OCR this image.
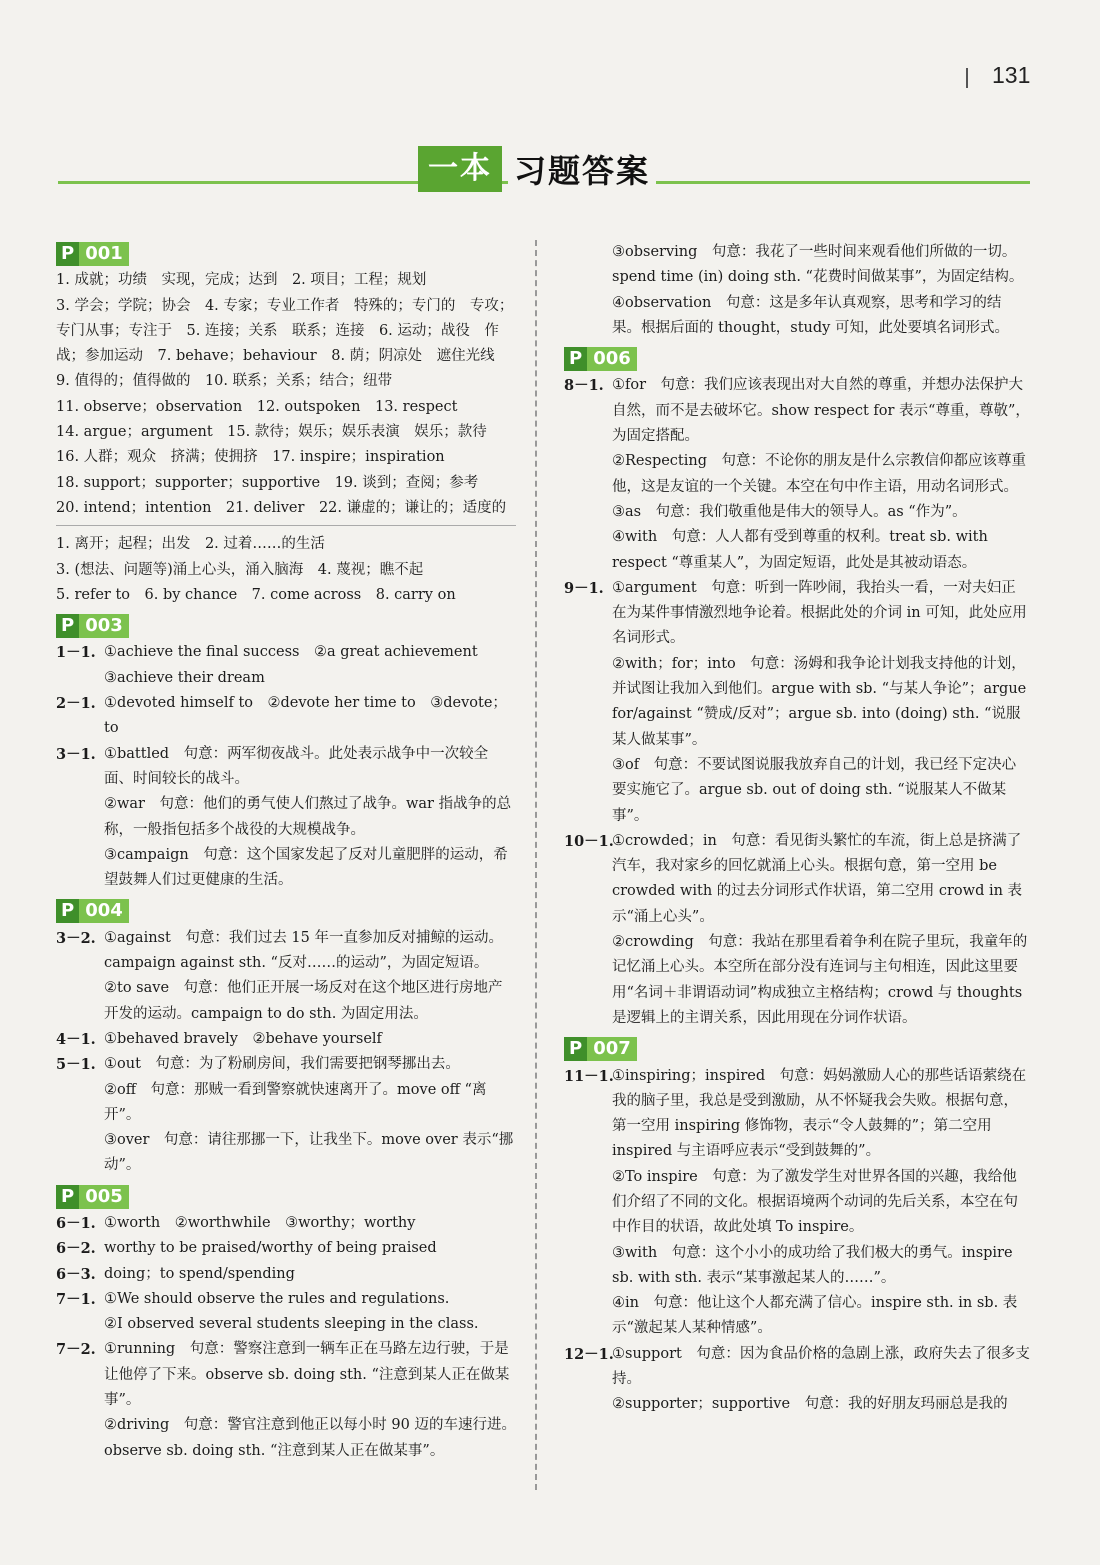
131
一本 习题答案
P 001
1. 成就；功绩　实现，完成；达到　2. 项目；工程；规划
3. 学会；学院；协会　4. 专家；专业工作者　特殊的；专门的　专攻；专门从事；专注于　5. 连接；关系　联系；连接　6. 运动；战役　作战；参加运动　7. behave；behaviour　8. 荫；阴凉处　遮住光线　9. 值得的；值得做的　10. 联系；关系；结合；纽带
11. observe；observation　12. outspoken　13. respect
14. argue；argument　15. 款待；娱乐；娱乐表演　娱乐；款待
16. 人群；观众　挤满；使拥挤　17. inspire；inspiration
18. support；supporter；supportive　19. 谈到；查阅；参考
20. intend；intention　21. deliver　22. 谦虚的；谦让的；适度的
1. 离开；起程；出发　2. 过着……的生活
3. (想法、问题等)涌上心头，涌入脑海　4. 蔑视；瞧不起
5. refer to　6. by chance　7. come across　8. carry on
P 003
1－1. ①achieve the final success　②a great achievement
③achieve their dream
2－1. ①devoted himself to　②devote her time to　③devote；to
3－1. ①battled　句意：两军彻夜战斗。此处表示战争中一次较全面、时间较长的战斗。
②war　句意：他们的勇气使人们熬过了战争。war 指战争的总称，一般指包括多个战役的大规模战争。
③campaign　句意：这个国家发起了反对儿童肥胖的运动，希望鼓舞人们过更健康的生活。
P 004
3－2. ①against　句意：我们过去 15 年一直参加反对捕鲸的运动。campaign against sth. “反对……的运动”，为固定短语。
②to save　句意：他们正开展一场反对在这个地区进行房地产开发的运动。campaign to do sth. 为固定用法。
4－1. ①behaved bravely　②behave yourself
5－1. ①out　句意：为了粉刷房间，我们需要把钢琴挪出去。
②off　句意：那贼一看到警察就快速离开了。move off “离开”。
③over　句意：请往那挪一下，让我坐下。move over 表示“挪动”。
P 005
6－1. ①worth　②worthwhile　③worthy；worthy
6－2. worthy to be praised/worthy of being praised
6－3. doing；to spend/spending
7－1. ①We should observe the rules and regulations.
②I observed several students sleeping in the class.
7－2. ①running　句意：警察注意到一辆车正在马路左边行驶，于是让他停了下来。observe sb. doing sth. “注意到某人正在做某事”。
②driving　句意：警官注意到他正以每小时 90 迈的车速行进。observe sb. doing sth. “注意到某人正在做某事”。
③observing　句意：我花了一些时间来观看他们所做的一切。spend time (in) doing sth. “花费时间做某事”，为固定结构。
④observation　句意：这是多年认真观察，思考和学习的结果。根据后面的 thought，study 可知，此处要填名词形式。
P 006
8－1. ①for　句意：我们应该表现出对大自然的尊重，并想办法保护大自然，而不是去破坏它。show respect for 表示“尊重，尊敬”，为固定搭配。
②Respecting　句意：不论你的朋友是什么宗教信仰都应该尊重他，这是友谊的一个关键。本空在句中作主语，用动名词形式。
③as　句意：我们敬重他是伟大的领导人。as “作为”。
④with　句意：人人都有受到尊重的权利。treat sb. with respect “尊重某人”，为固定短语，此处是其被动语态。
9－1. ①argument　句意：听到一阵吵闹，我抬头一看，一对夫妇正在为某件事情激烈地争论着。根据此处的介词 in 可知，此处应用名词形式。
②with；for；into　句意：汤姆和我争论计划我支持他的计划，并试图让我加入到他们。argue with sb. “与某人争论”；argue for/against “赞成/反对”；argue sb. into (doing) sth. “说服某人做某事”。
③of　句意：不要试图说服我放弃自己的计划，我已经下定决心要实施它了。argue sb. out of doing sth. “说服某人不做某事”。
10－1.
①crowded；in　句意：看见街头繁忙的车流，街上总是挤满了汽车，我对家乡的回忆就涌上心头。根据句意，第一空用 be crowded with 的过去分词形式作状语，第二空用 crowd in 表示“涌上心头”。
②crowding　句意：我站在那里看着争利在院子里玩，我童年的记忆涌上心头。本空所在部分没有连词与主句相连，因此这里要用“名词＋非谓语动词”构成独立主格结构；crowd 与 thoughts 是逻辑上的主谓关系，因此用现在分词作状语。
P 007
11－1.
①inspiring；inspired　句意：妈妈激励人心的那些话语萦绕在我的脑子里，我总是受到激励，从不怀疑我会失败。根据句意，第一空用 inspiring 修饰物，表示“令人鼓舞的”；第二空用 inspired 与主语呼应表示“受到鼓舞的”。
②To inspire　句意：为了激发学生对世界各国的兴趣，我给他们介绍了不同的文化。根据语境两个动词的先后关系，本空在句中作目的状语，故此处填 To inspire。
③with　句意：这个小小的成功给了我们极大的勇气。inspire sb. with sth. 表示“某事激起某人的……”。
④in　句意：他让这个人都充满了信心。inspire sth. in sb. 表示“激起某人某种情感”。
12－1.
①support　句意：因为食品价格的急剧上涨，政府失去了很多支持。
②supporter；supportive　句意：我的好朋友玛丽总是我的
